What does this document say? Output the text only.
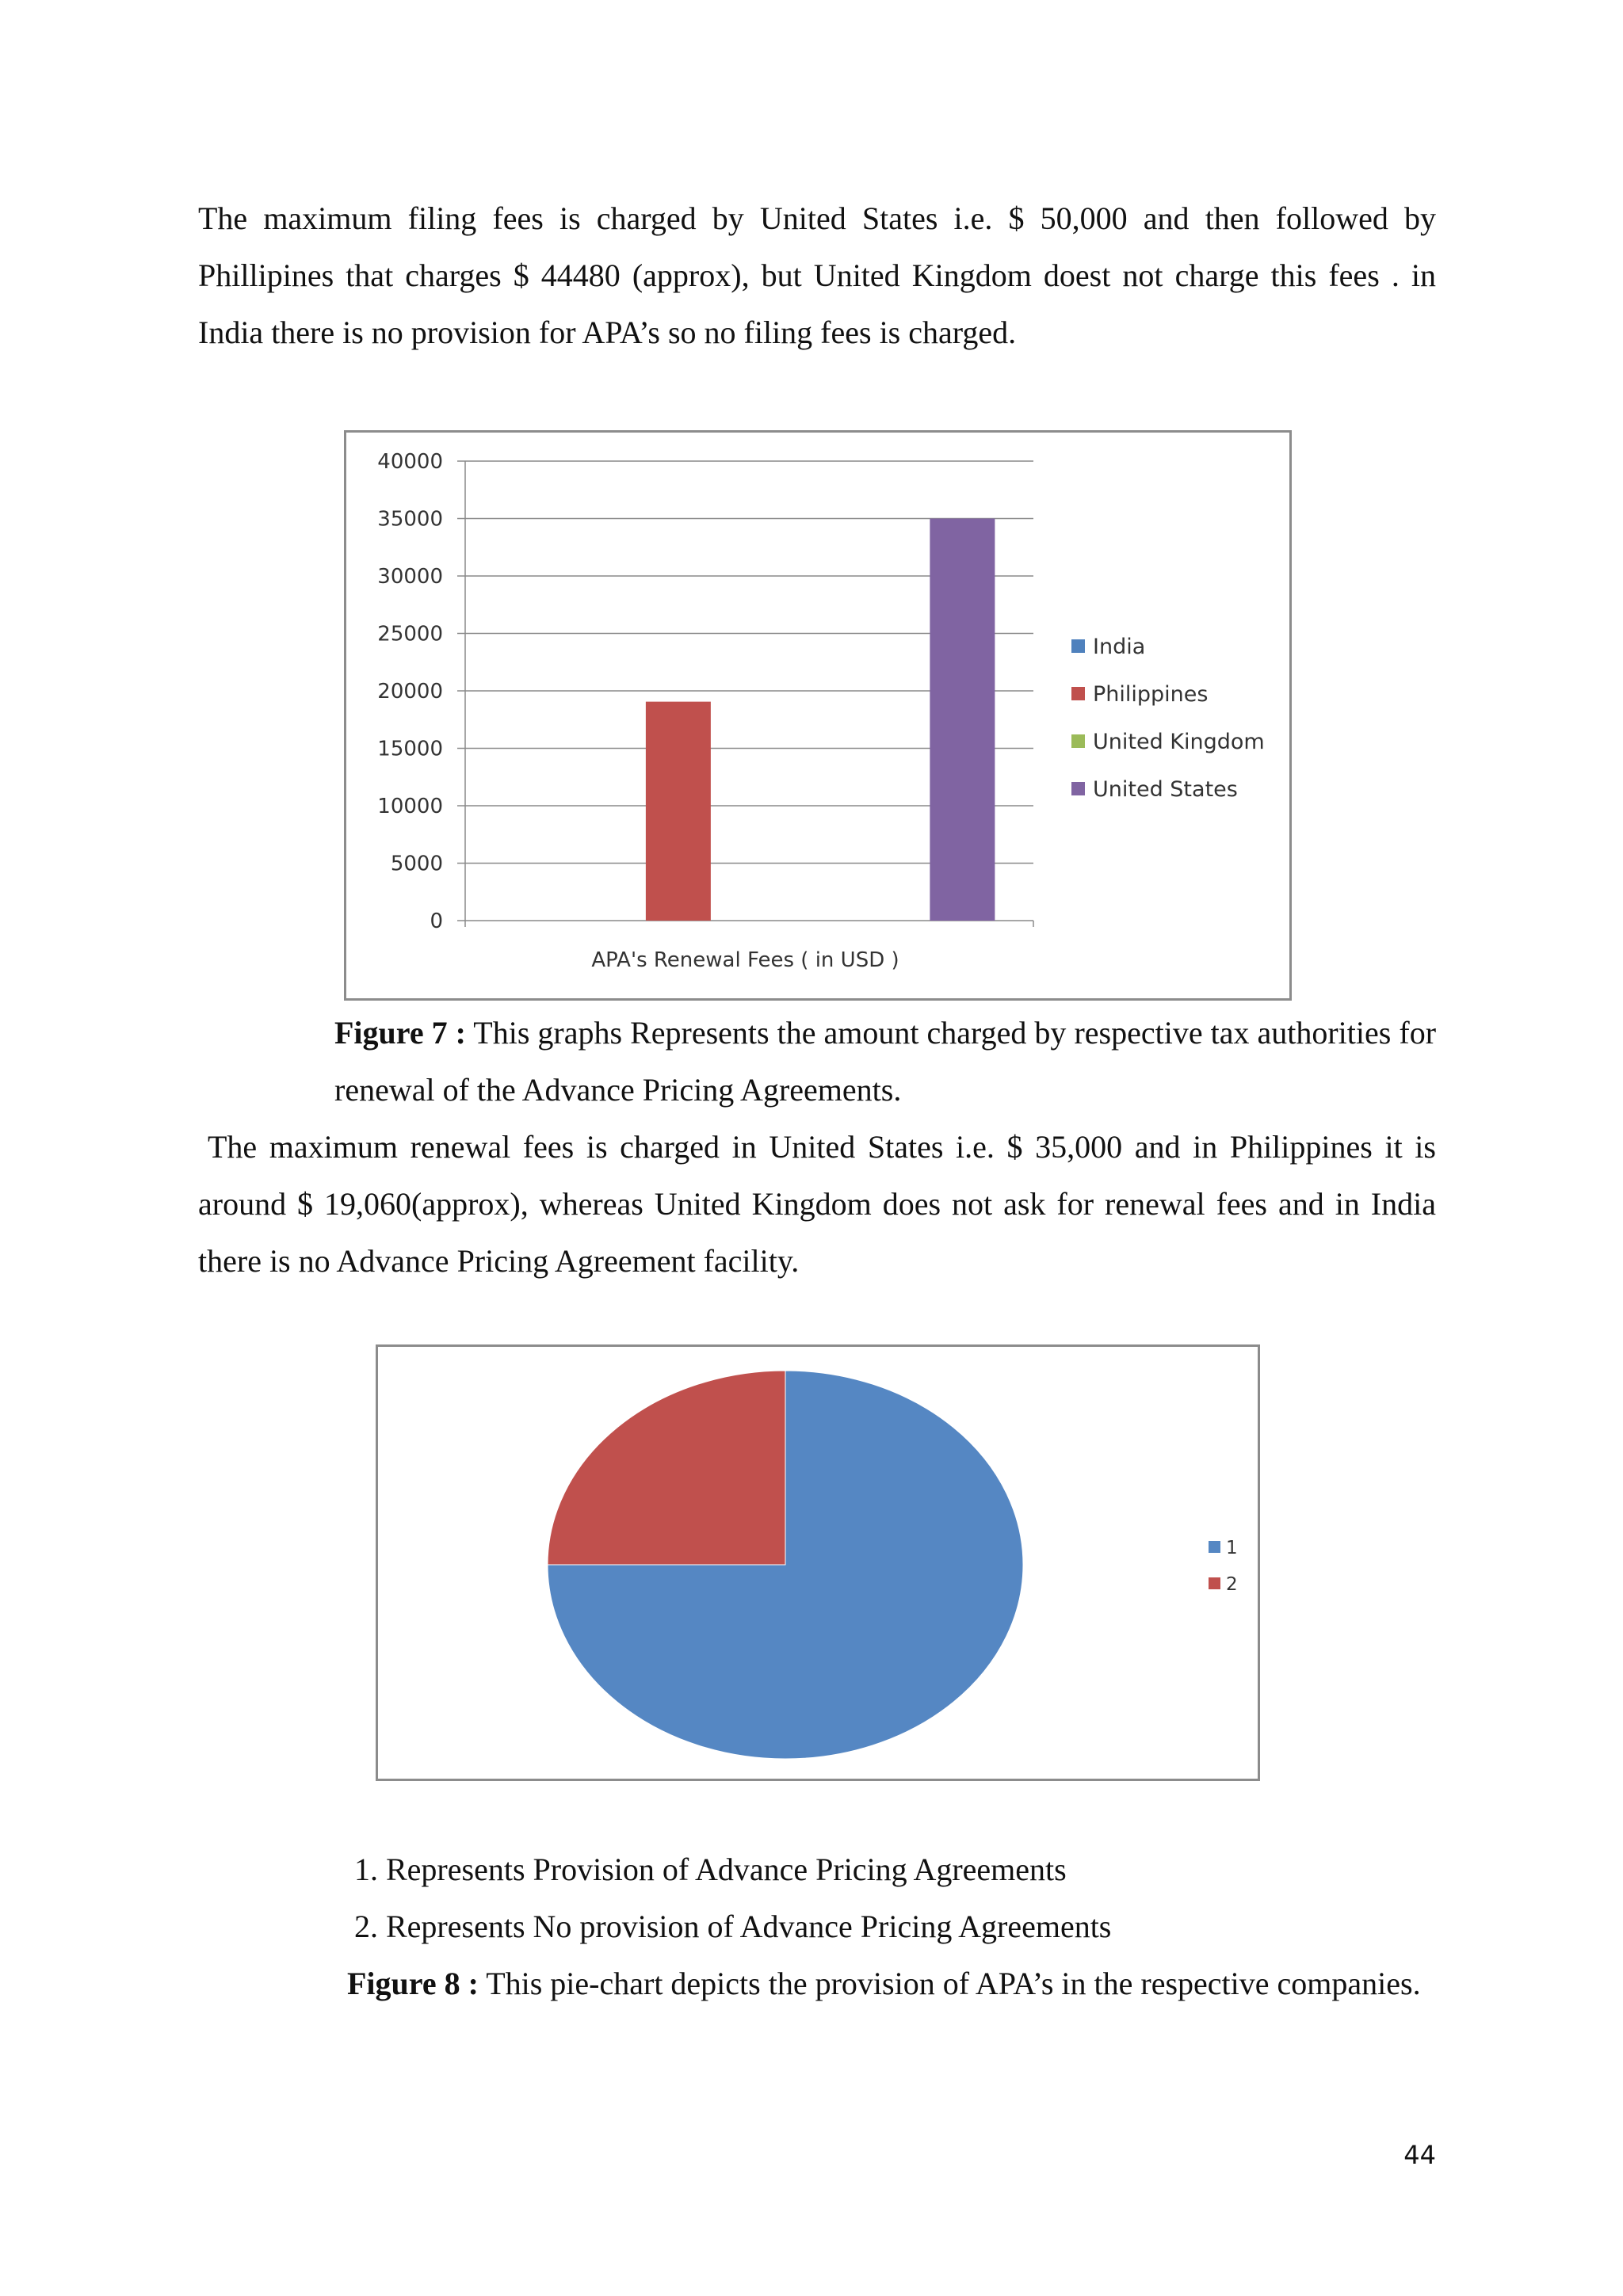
The maximum filing fees is charged by United States i.e. $ 50,000 and then followed by Phillipines that charges $ 44480 (approx), but United Kingdom doest not charge this fees . in India there is no provision for APA’s so no filing fees is charged.

0
5000
10000
15000
20000
25000
30000
35000
40000
APA's Renewal Fees ( in USD )
India
Philippines
United Kingdom
United States

Figure 7 : This graphs Represents the amount charged by respective tax authorities for renewal of the Advance Pricing Agreements.

The maximum renewal fees is charged in United States i.e. $ 35,000 and in Philippines it is around $ 19,060(approx), whereas United Kingdom does not ask for renewal fees and in India there is no Advance Pricing Agreement facility.

1
2

1. Represents Provision of Advance Pricing Agreements

2. Represents No provision of Advance Pricing Agreements

Figure 8 : This pie-chart depicts the provision of APA’s in the respective companies.

44
